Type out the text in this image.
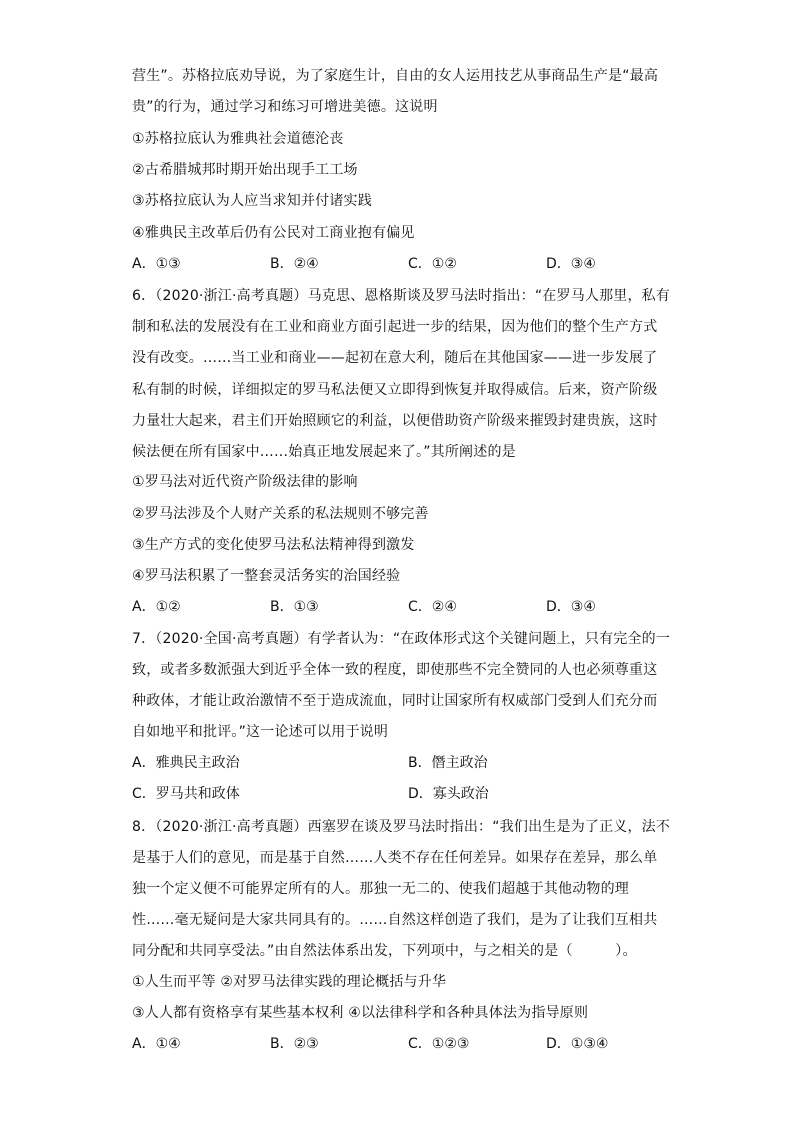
营生”。苏格拉底劝导说，为了家庭生计，自由的女人运用技艺从事商品生产是“最高
贵”的行为，通过学习和练习可增进美德。这说明
①苏格拉底认为雅典社会道德沦丧
②古希腊城邦时期开始出现手工工场
③苏格拉底认为人应当求知并付诸实践
④雅典民主改革后仍有公民对工商业抱有偏见
A．①③	B．②④	C．①②	D．③④
6．（2020·浙江·高考真题）马克思、恩格斯谈及罗马法时指出：“在罗马人那里，私有
制和私法的发展没有在工业和商业方面引起进一步的结果，因为他们的整个生产方式
没有改变。……当工业和商业——起初在意大利，随后在其他国家——进一步发展了
私有制的时候，详细拟定的罗马私法便又立即得到恢复并取得威信。后来，资产阶级
力量壮大起来，君主们开始照顾它的利益，以便借助资产阶级来摧毁封建贵族，这时
候法便在所有国家中……始真正地发展起来了。”其所阐述的是
①罗马法对近代资产阶级法律的影响
②罗马法涉及个人财产关系的私法规则不够完善
③生产方式的变化使罗马法私法精神得到激发
④罗马法积累了一整套灵活务实的治国经验
A．①②	B．①③	C．②④	D．③④
7．（2020·全国·高考真题）有学者认为：“在政体形式这个关键问题上，只有完全的一
致，或者多数派强大到近乎全体一致的程度，即使那些不完全赞同的人也必须尊重这
种政体，才能让政治激情不至于造成流血，同时让国家所有权威部门受到人们充分而
自如地平和批评。”这一论述可以用于说明
A．雅典民主政治	B．僭主政治
C．罗马共和政体	D．寡头政治
8．（2020·浙江·高考真题）西塞罗在谈及罗马法时指出：“我们出生是为了正义，法不
是基于人们的意见，而是基于自然……人类不存在任何差异。如果存在差异，那么单
独一个定义便不可能界定所有的人。那独一无二的、使我们超越于其他动物的理
性……毫无疑问是大家共同具有的。……自然这样创造了我们，是为了让我们互相共
同分配和共同享受法。”由自然法体系出发，下列项中，与之相关的是（　　　）。
①人生而平等 ②对罗马法律实践的理论概括与升华
③人人都有资格享有某些基本权利 ④以法律科学和各种具体法为指导原则
A．①④	B．②③	C．①②③	D．①③④
